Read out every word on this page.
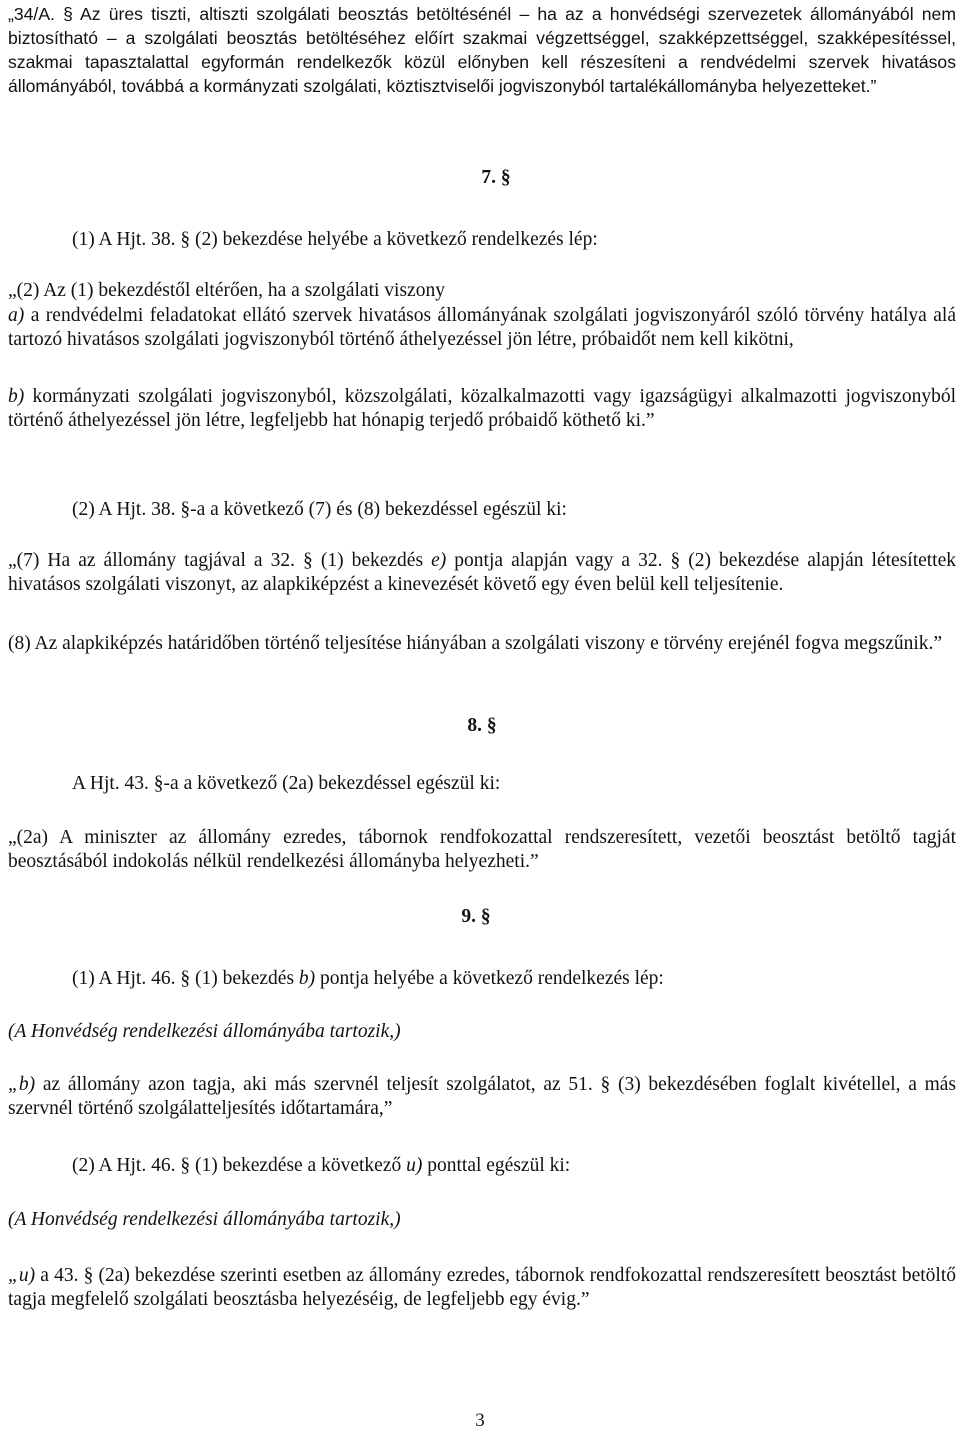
„34/A. § Az üres tiszti, altiszti szolgálati beosztás betöltésénél – ha az a honvédségi szervezetek állományából nem biztosítható – a szolgálati beosztás betöltéséhez előírt szakmai végzettséggel, szakképzettséggel, szakképesítéssel, szakmai tapasztalattal egyformán rendelkezők közül előnyben kell részesíteni a rendvédelmi szervek hivatásos állományából, továbbá a kormányzati szolgálati, köztisztviselői jogviszonyból tartalékállományba helyezetteket.”
7. §
(1) A Hjt. 38. § (2) bekezdése helyébe a következő rendelkezés lép:
„(2) Az (1) bekezdéstől eltérően, ha a szolgálati viszony
a) a rendvédelmi feladatokat ellátó szervek hivatásos állományának szolgálati jogviszonyáról szóló törvény hatálya alá tartozó hivatásos szolgálati jogviszonyból történő áthelyezéssel jön létre, próbaidőt nem kell kikötni,
b) kormányzati szolgálati jogviszonyból, közszolgálati, közalkalmazotti vagy igazságügyi alkalmazotti jogviszonyból történő áthelyezéssel jön létre, legfeljebb hat hónapig terjedő próbaidő köthető ki.”
(2) A Hjt. 38. §-a a következő (7) és (8) bekezdéssel egészül ki:
„(7) Ha az állomány tagjával a 32. § (1) bekezdés e) pontja alapján vagy a 32. § (2) bekezdése alapján létesítettek hivatásos szolgálati viszonyt, az alapkiképzést a kinevezését követő egy éven belül kell teljesítenie.
(8) Az alapkiképzés határidőben történő teljesítése hiányában a szolgálati viszony e törvény erejénél fogva megszűnik.”
8. §
A Hjt. 43. §-a a következő (2a) bekezdéssel egészül ki:
„(2a) A miniszter az állomány ezredes, tábornok rendfokozattal rendszeresített, vezetői beosztást betöltő tagját beosztásából indokolás nélkül rendelkezési állományba helyezheti.”
9. §
(1) A Hjt. 46. § (1) bekezdés b) pontja helyébe a következő rendelkezés lép:
(A Honvédség rendelkezési állományába tartozik,)
„b) az állomány azon tagja, aki más szervnél teljesít szolgálatot, az 51. § (3) bekezdésében foglalt kivétellel, a más szervnél történő szolgálatteljesítés időtartamára,”
(2) A Hjt. 46. § (1) bekezdése a következő u) ponttal egészül ki:
(A Honvédség rendelkezési állományába tartozik,)
„u) a 43. § (2a) bekezdése szerinti esetben az állomány ezredes, tábornok rendfokozattal rendszeresített beosztást betöltő tagja megfelelő szolgálati beosztásba helyezéséig, de legfeljebb egy évig.”
3
